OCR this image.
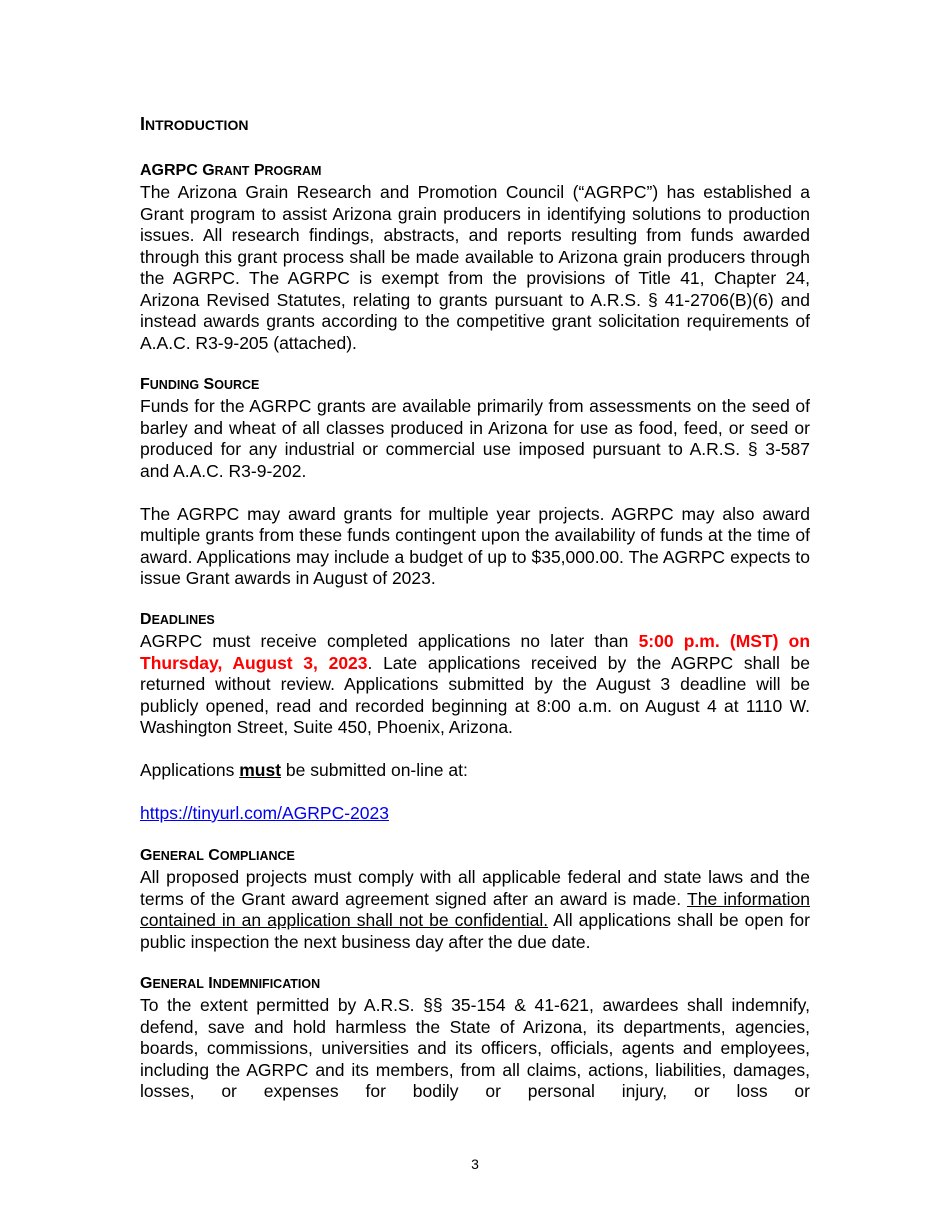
INTRODUCTION
AGRPC GRANT PROGRAM

The Arizona Grain Research and Promotion Council (“AGRPC”) has established a Grant program to assist Arizona grain producers in identifying solutions to production issues. All research findings, abstracts, and reports resulting from funds awarded through this grant process shall be made available to Arizona grain producers through the AGRPC. The AGRPC is exempt from the provisions of Title 41, Chapter 24, Arizona Revised Statutes, relating to grants pursuant to A.R.S. § 41-2706(B)(6) and instead awards grants according to the competitive grant solicitation requirements of A.A.C. R3-9-205 (attached).

FUNDING SOURCE

Funds for the AGRPC grants are available primarily from assessments on the seed of barley and wheat of all classes produced in Arizona for use as food, feed, or seed or produced for any industrial or commercial use imposed pursuant to A.R.S. § 3-587 and A.A.C. R3-9-202.

The AGRPC may award grants for multiple year projects. AGRPC may also award multiple grants from these funds contingent upon the availability of funds at the time of award. Applications may include a budget of up to $35,000.00. The AGRPC expects to issue Grant awards in August of 2023.

DEADLINES

AGRPC must receive completed applications no later than 5:00 p.m. (MST) on Thursday, August 3, 2023. Late applications received by the AGRPC shall be returned without review. Applications submitted by the August 3 deadline will be publicly opened, read and recorded beginning at 8:00 a.m. on August 4 at 1110 W. Washington Street, Suite 450, Phoenix, Arizona.

Applications must be submitted on-line at:

https://tinyurl.com/AGRPC-2023

GENERAL COMPLIANCE

All proposed projects must comply with all applicable federal and state laws and the terms of the Grant award agreement signed after an award is made. The information contained in an application shall not be confidential. All applications shall be open for public inspection the next business day after the due date.

GENERAL INDEMNIFICATION

To the extent permitted by A.R.S. §§ 35-154 & 41-621, awardees shall indemnify, defend, save and hold harmless the State of Arizona, its departments, agencies, boards, commissions, universities and its officers, officials, agents and employees, including the AGRPC and its members, from all claims, actions, liabilities, damages, losses, or expenses for bodily or personal injury, or loss or

3
